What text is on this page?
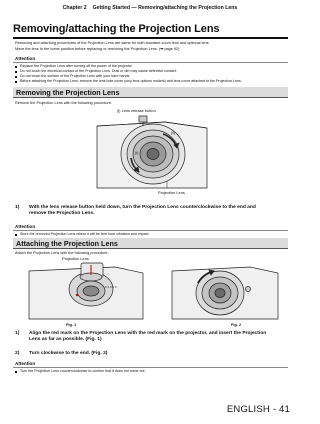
Chapter 2 Getting Started — Removing/attaching the Projection Lens
Removing/attaching the Projection Lens
Removing and attaching procedures of the Projection Lens are same for both standard zoom lens and optional lens.
Move the lens to the home position before replacing or removing the Projection Lens. (➡ page 92)
Attention
Replace the Projection Lens after turning off the power of the projector.
Do not touch the electrical contact of the Projection Lens. Dust or dirt may cause defective contact.
Do not touch the surface of the Projection Lens with your bare hands.
Before attaching the Projection Lens, remove the lens hole cover (only lens options models) and lens cover attached to the Projection Lens.
Removing the Projection Lens
Remove the Projection Lens with the following procedure.
(i) Lens release button
(ii)
(i)
Projection Lens
1) With the lens release button held down, turn the Projection Lens counterclockwise to the end and
remove the Projection Lens.
Attention
Store the removed Projection Lens where it will be free from vibration and impact.
Attaching the Projection Lens
Attach the Projection Lens with the following procedure.
Projection Lens
Fig. 1	Fig. 2
1) Align the red mark on the Projection Lens with the red mark on the projector, and insert the Projection
Lens as far as possible. (Fig. 1)
2) Turn clockwise to the end. (Fig. 2)
Attention
Turn the Projection Lens counterclockwise to confirm that it does not come out.
ENGLISH - 41
